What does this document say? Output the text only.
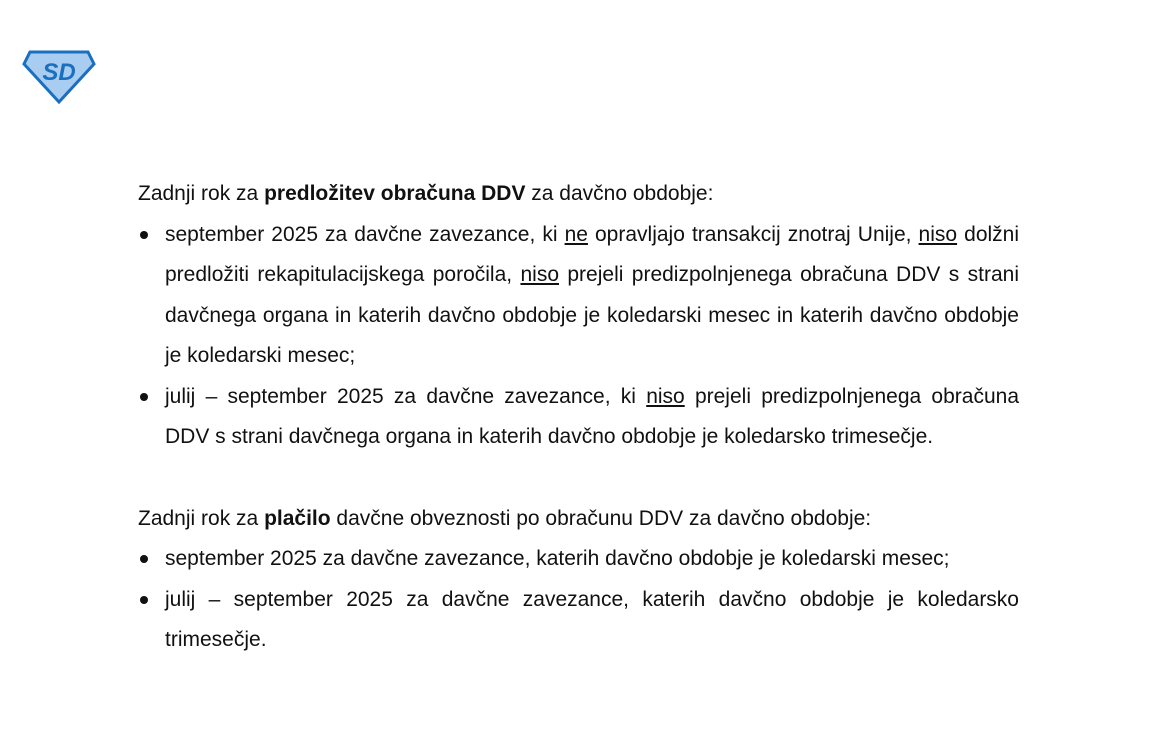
SD

Zadnji rok za predložitev obračuna DDV za davčno obdobje:

september 2025 za davčne zavezance, ki ne opravljajo transakcij znotraj Unije, niso dolžni predložiti rekapitulacijskega poročila, niso prejeli predizpolnjenega obračuna DDV s strani davčnega organa in katerih davčno obdobje je koledarski mesec in katerih davčno obdobje je koledarski mesec;
julij – september 2025 za davčne zavezance, ki niso prejeli predizpolnjenega obračuna DDV s strani davčnega organa in katerih davčno obdobje je koledarsko trimesečje.

Zadnji rok za plačilo davčne obveznosti po obračunu DDV za davčno obdobje:

september 2025 za davčne zavezance, katerih davčno obdobje je koledarski mesec;
julij – september 2025 za davčne zavezance, katerih davčno obdobje je koledarsko trimesečje.
